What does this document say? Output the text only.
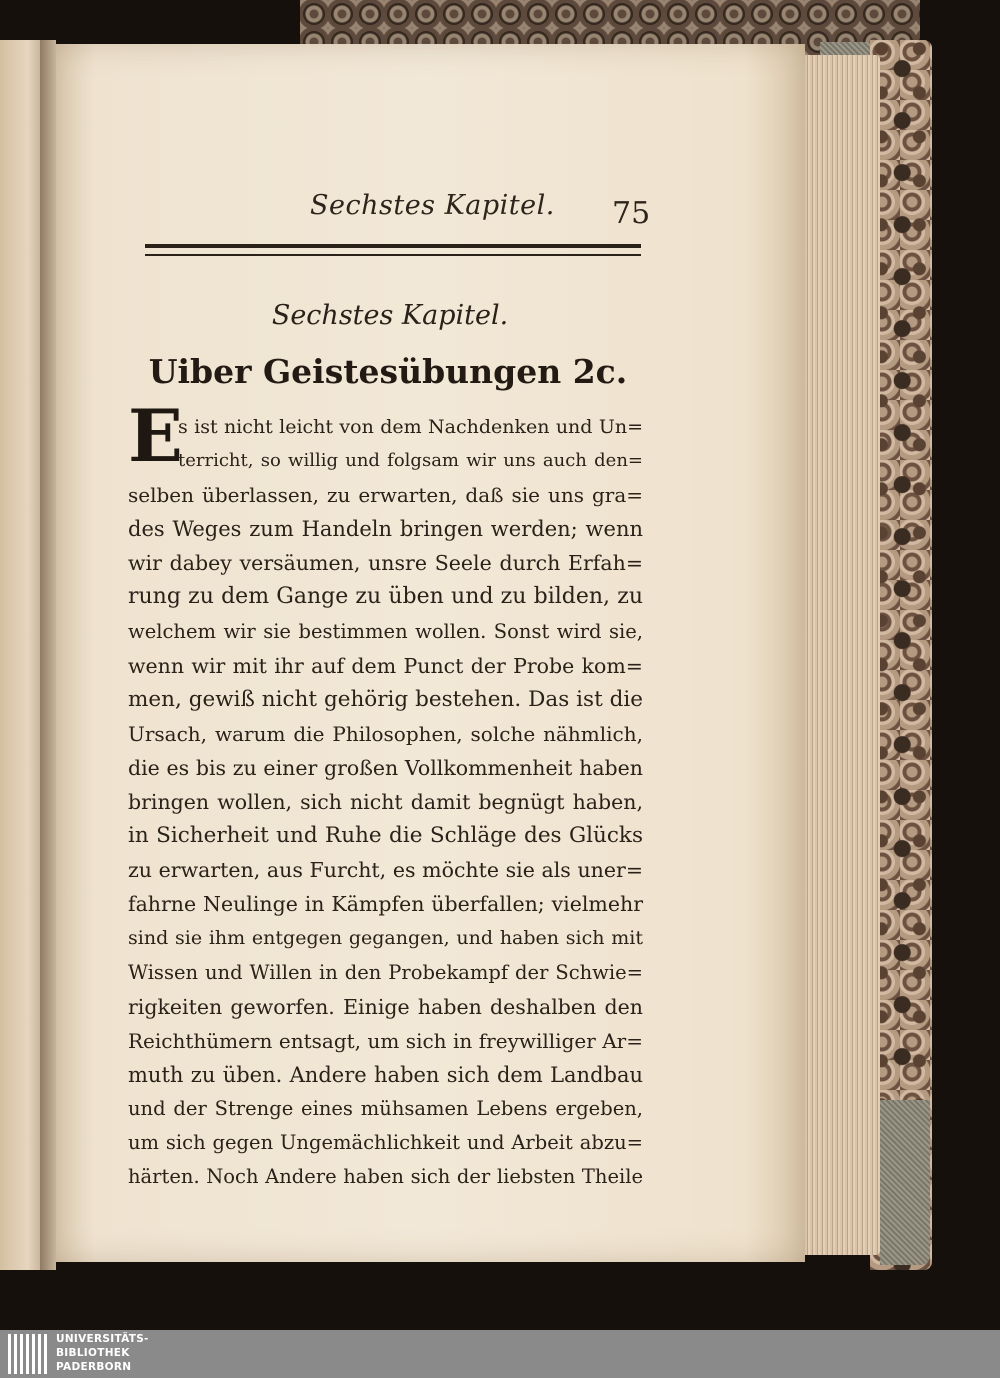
Sechstes Kapitel. 75
Sechstes Kapitel.
Uiber Geistesübungen 2c.
E
s ist nicht leicht von dem Nachdenken und Un=
terricht, so willig und folgsam wir uns auch den=
selben überlassen, zu erwarten, daß sie uns gra=
des Weges zum Handeln bringen werden; wenn
wir dabey versäumen, unsre Seele durch Erfah=
rung zu dem Gange zu üben und zu bilden, zu
welchem wir sie bestimmen wollen. Sonst wird sie,
wenn wir mit ihr auf dem Punct der Probe kom=
men, gewiß nicht gehörig bestehen. Das ist die
Ursach, warum die Philosophen, solche nähmlich,
die es bis zu einer großen Vollkommenheit haben
bringen wollen, sich nicht damit begnügt haben,
in Sicherheit und Ruhe die Schläge des Glücks
zu erwarten, aus Furcht, es möchte sie als uner=
fahrne Neulinge in Kämpfen überfallen; vielmehr
sind sie ihm entgegen gegangen, und haben sich mit
Wissen und Willen in den Probekampf der Schwie=
rigkeiten geworfen. Einige haben deshalben den
Reichthümern entsagt, um sich in freywilliger Ar=
muth zu üben. Andere haben sich dem Landbau
und der Strenge eines mühsamen Lebens ergeben,
um sich gegen Ungemächlichkeit und Arbeit abzu=
härten. Noch Andere haben sich der liebsten Theile
UNIVERSITÄTS-
BIBLIOTHEK
PADERBORN
